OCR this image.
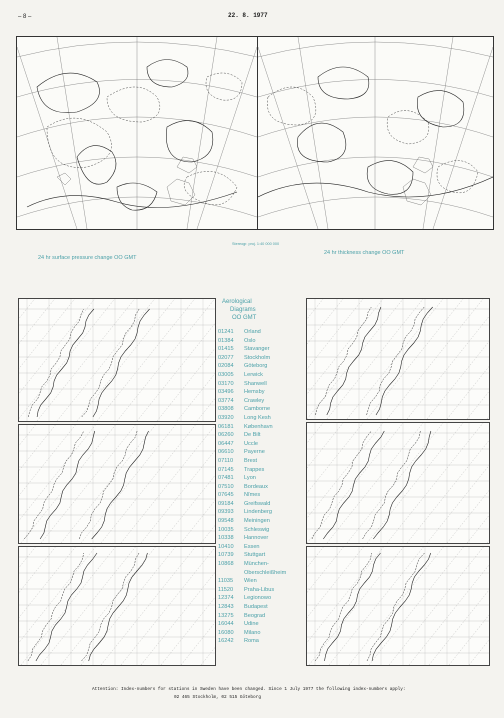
– 8 –	22. 8. 1977
Stereogr. proj. 1:40 000 000
24 hr surface pressure change OO GMT
24 hr thickness change OO GMT
Aerological
Diagrams
OO GMT
01241	Orland
01384	Oslo
01415	Stavanger
02077	Stockholm
02084	Göteborg
03005	Lerwick
03170	Shanwell
03496	Hemsby
03774	Crawley
03808	Camborne
03920	Long Kesh
06181	København
06260	De Bilt
06447	Uccle
06610	Payerne
07110	Brest
07145	Trappes
07481	Lyon
07510	Bordeaux
07645	Nîmes
09184	Greifswald
09393	Lindenberg
09548	Meiningen
10035	Schleswig
10338	Hannover
10410	Essen
10739	Stuttgart
10868	München-
Oberschleißheim
11035	Wien
11520	Praha-Libus
12374	Legionowo
12843	Budapest
13275	Beograd
16044	Udine
16080	Milano
16242	Roma
Attention: Index-numbers for stations in Sweden have been changed. Since 1 July 1977 the following index-numbers apply:
02 465 Stockholm, 02 515 Göteborg
